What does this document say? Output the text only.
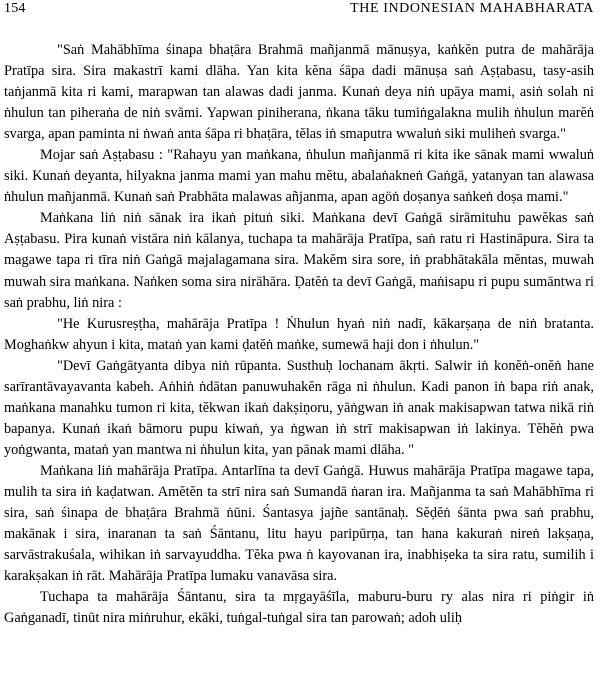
154	THE INDONESIAN MAHABHARATA

"Saṅ Mahābhīma śinapa bhaṭāra Brahmā mañjanmā mānuṣya, kaṅkĕn putra de mahārāja Pratīpa sira. Sira makastrī kami dlāha. Yan kita kĕna śāpa dadi mānuṣa saṅ Aṣṭabasu, tasy-asih taṅjanmā kita ri kami, marapwan tan alawas dadi janma. Kunaṅ deya niṅ upāya mami, asiṅ solah ni ṅhulun tan piheraṅa de niṅ svāmi. Yapwan piniherana, ṅkana tāku tumiṅgalakna mulih ṅhulun marĕṅ svarga, apan paminta ni ṅwaṅ anta śāpa ri bhaṭāra, tĕlas iṅ smaputra wwaluṅ siki muliheṅ svarga."

Mojar saṅ Aṣṭabasu : "Rahayu yan maṅkana, ṅhulun mañjanmā ri kita ike sānak mami wwaluṅ siki. Kunaṅ deyanta, hilyakna janma mami yan mahu mĕtu, abalaṅakneṅ Gaṅgā, yatanyan tan alawasa ṅhulun mañjanmā. Kunaṅ saṅ Prabhāta malawas añjanma, apan agöṅ doṣanya saṅkeṅ doṣa mami."

Maṅkana liṅ niṅ sānak ira ikaṅ pituṅ siki. Maṅkana devī Gaṅgā sirāmituhu pawĕkas saṅ Aṣṭabasu. Pira kunaṅ vistāra niṅ kālanya, tuchapa ta mahārāja Pratīpa, saṅ ratu ri Hastināpura. Sira ta magawe tapa ri tīra niṅ Gaṅgā majalagamana sira. Makĕm sira sore, iṅ prabhātakāla mĕntas, muwah muwah sira maṅkana. Naṅken soma sira nirāhāra. Ḍatĕṅ ta devī Gaṅgā, maṅisapu ri pupu sumāntwa ri saṅ prabhu, liṅ nira :

"He Kurusreṣṭha, mahārāja Pratīpa ! Ṅhulun hyaṅ niṅ nadī, kākarṣaṇa de niṅ bratanta. Moghaṅkw ahyun i kita, mataṅ yan kami ḍatĕṅ maṅke, sumewā haji don i ṅhulun."

"Devī Gaṅgātyanta dibya niṅ rūpanta. Susthuḥ lochanam ākṛti. Salwir iṅ konĕṅ-onĕṅ hane sarīrantāvayavanta kabeh. Aṅhiṅ ṅdātan panuwuhakĕn rāga ni ṅhulun. Kadi panon iṅ bapa riṅ anak, maṅkana manahku tumon ri kita, tĕkwan ikaṅ dakṣiṇoru, yāṅgwan iṅ anak makisapwan tatwa nikā riṅ bapanya. Kunaṅ ikaṅ bāmoru pupu kiwaṅ, ya ṅgwan iṅ strī makisapwan iṅ lakinya. Tĕhĕṅ pwa yoṅgwanta, mataṅ yan mantwa ni ṅhulun kita, yan pānak mami dlāha. "

Maṅkana liṅ mahārāja Pratīpa. Antarlīna ta devī Gaṅgā. Huwus mahārāja Pratīpa magawe tapa, mulih ta sira iṅ kaḍatwan. Amĕtĕn ta strī nira saṅ Sumandā ṅaran ira. Mañjanma ta saṅ Mahābhīma ri sira, saṅ śinapa de bhaṭāra Brahmā ṅūni. Śantasya jajñe santānaḥ. Sĕḍĕṅ śānta pwa saṅ prabhu, makānak i sira, inaranan ta saṅ Śāntanu, litu hayu paripūrṇa, tan hana kakuraṅ nireṅ lakṣaṇa, sarvāstrakuśala, wihikan iṅ sarvayuddha. Tĕka pwa ṅ kayovanan ira, inabhiṣeka ta sira ratu, sumilih i karakṣakan iṅ rāt. Mahārāja Pratīpa lumaku vanavāsa sira.

Tuchapa ta mahārāja Śāntanu, sira ta mṛgayāśīla, maburu-buru ry alas nira ri piṅgir iṅ Gaṅganadī, tinūt nira miṅruhur, ekāki, tuṅgal-tuṅgal sira tan parowaṅ; adoh uliḥ
